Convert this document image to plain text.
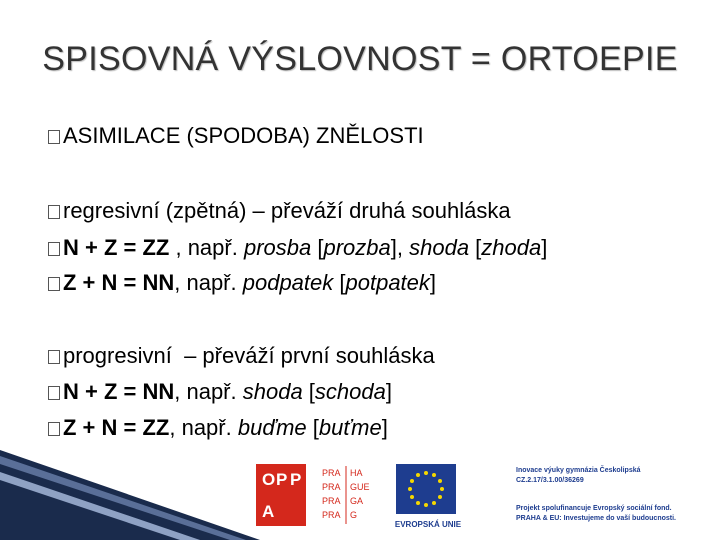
SPISOVNÁ VÝSLOVNOST = ORTOEPIE
ASIMILACE (SPODOBA) ZNĚLOSTI
regresivní (zpětná) – převáží druhá souhláska
N + Z = ZZ , např. prosba [prozba], shoda [zhoda]
Z + N = NN, např. podpatek [potpatek]
progresivní  – převáží první souhláska
N + Z = NN, např. shoda [schoda]
Z + N = ZZ, např. buďme [buťme]
O P P
A
PRA HA
PRA GUE
PRA GA
PRA G
EVROPSKÁ UNIE
Inovace výuky gymnázia Českolipská
CZ.2.17/3.1.00/36269
Projekt spolufinancuje Evropský sociální fond.
PRAHA & EU: Investujeme do vaší budoucnosti.
